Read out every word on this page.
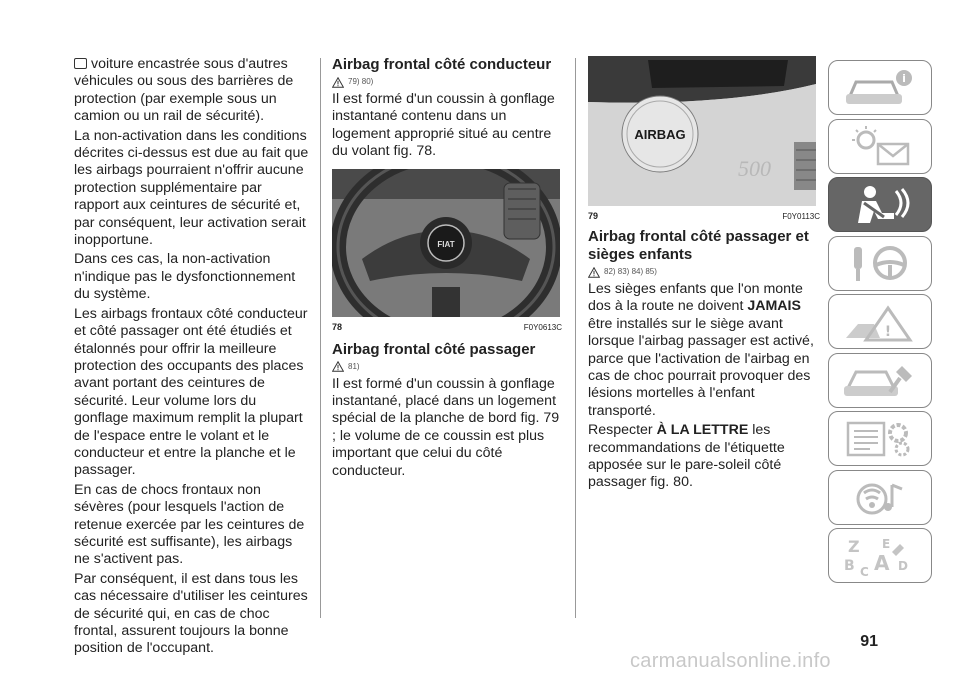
voiture encastrée sous d'autres véhicules ou sous des barrières de protection (par exemple sous un camion ou un rail de sécurité).

La non-activation dans les conditions décrites ci-dessus est due au fait que les airbags pourraient n'offrir aucune protection supplémentaire par rapport aux ceintures de sécurité et, par conséquent, leur activation serait inopportune.

Dans ces cas, la non-activation n'indique pas le dysfonctionnement du système.

Les airbags frontaux côté conducteur et côté passager ont été étudiés et étalonnés pour offrir la meilleure protection des occupants des places avant portant des ceintures de sécurité. Leur volume lors du gonflage maximum remplit la plupart de l'espace entre le volant et le conducteur et entre la planche et le passager.

En cas de chocs frontaux non sévères (pour lesquels l'action de retenue exercée par les ceintures de sécurité est suffisante), les airbags ne s'activent pas.

Par conséquent, il est dans tous les cas nécessaire d'utiliser les ceintures de sécurité qui, en cas de choc frontal, assurent toujours la bonne position de l'occupant.

Airbag frontal côté conducteur
79) 80)

Il est formé d'un coussin à gonflage instantané contenu dans un logement approprié situé au centre du volant fig. 78.

FIAT
78	F0Y0613C
Airbag frontal côté passager
81)

Il est formé d'un coussin à gonflage instantané, placé dans un logement spécial de la planche de bord fig. 79 ; le volume de ce coussin est plus important que celui du côté conducteur.

AIRBAG
500
79	F0Y0113C
Airbag frontal côté passager et sièges enfants
82) 83) 84) 85)

Les sièges enfants que l'on monte dos à la route ne doivent JAMAIS être installés sur le siège avant lorsque l'airbag passager est activé, parce que l'activation de l'airbag en cas de choc pourrait provoquer des lésions mortelles à l'enfant transporté.

Respecter À LA LETTRE les recommandations de l'étiquette apposée sur le pare-soleil côté passager fig. 80.

i
!
Z E
B A
C D
91
carmanualsonline.info
